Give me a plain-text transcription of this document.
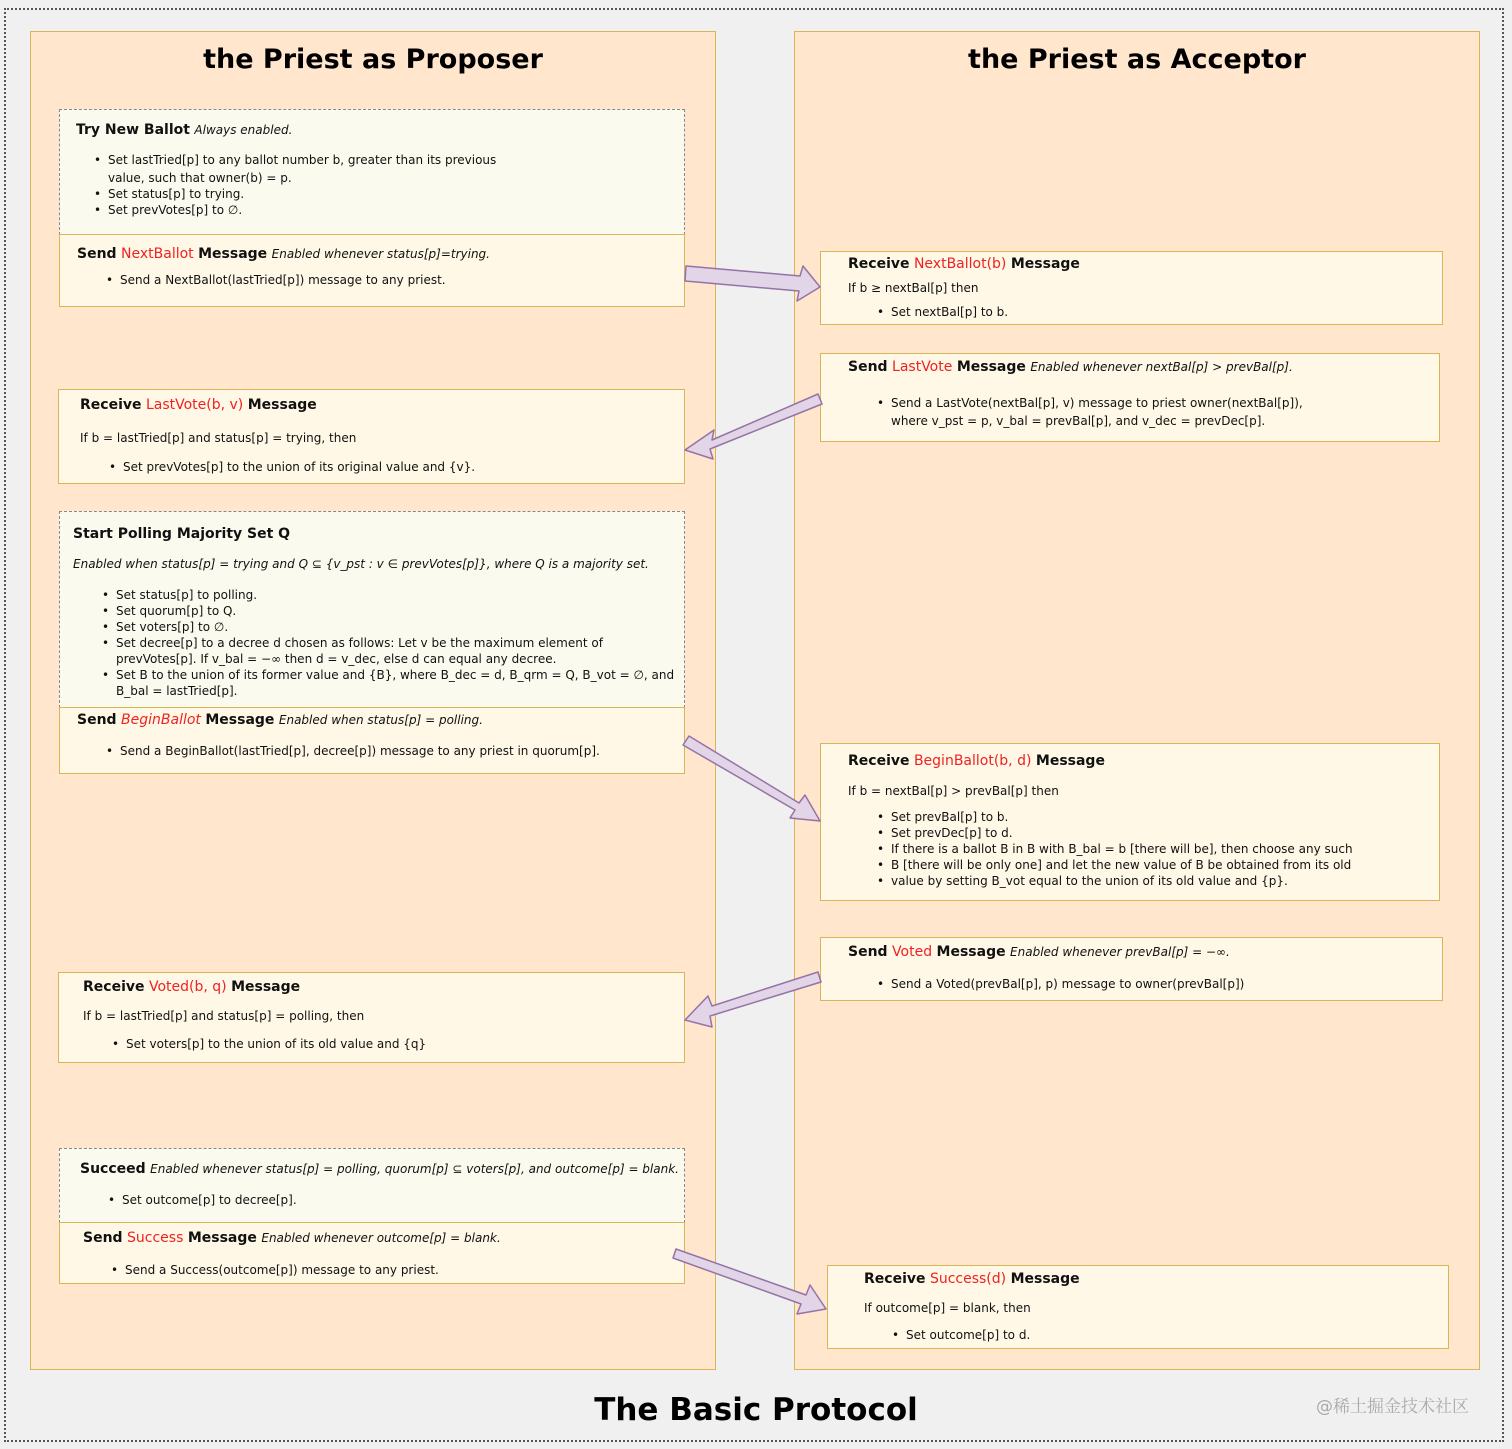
the Priest as Proposer	the Priest as Acceptor
Try New Ballot Always enabled.
• Set lastTried[p] to any ballot number b, greater than its previous
value, such that owner(b) = p.
• Set status[p] to trying.
• Set prevVotes[p] to ∅.
Send NextBallot Message Enabled whenever status[p]=trying.
• Send a NextBallot(lastTried[p]) message to any priest.
Receive LastVote(b, v) Message
If b = lastTried[p] and status[p] = trying, then
• Set prevVotes[p] to the union of its original value and {v}.
Start Polling Majority Set Q
Enabled when status[p] = trying and Q ⊆ {v_pst : v ∈ prevVotes[p]}, where Q is a majority set.
• Set status[p] to polling.
• Set quorum[p] to Q.
• Set voters[p] to ∅.
• Set decree[p] to a decree d chosen as follows: Let v be the maximum element of
prevVotes[p]. If v_bal = −∞ then d = v_dec, else d can equal any decree.
• Set B to the union of its former value and {B}, where B_dec = d, B_qrm = Q, B_vot = ∅, and
B_bal = lastTried[p].
Send BeginBallot Message Enabled when status[p] = polling.
• Send a BeginBallot(lastTried[p], decree[p]) message to any priest in quorum[p].
Receive Voted(b, q) Message
If b = lastTried[p] and status[p] = polling, then
• Set voters[p] to the union of its old value and {q}
Succeed Enabled whenever status[p] = polling, quorum[p] ⊆ voters[p], and outcome[p] = blank.
• Set outcome[p] to decree[p].
Send Success Message Enabled whenever outcome[p] = blank.
• Send a Success(outcome[p]) message to any priest.
Receive NextBallot(b) Message
If b ≥ nextBal[p] then
• Set nextBal[p] to b.
Send LastVote Message Enabled whenever nextBal[p] > prevBal[p].
• Send a LastVote(nextBal[p], v) message to priest owner(nextBal[p]),
where v_pst = p, v_bal = prevBal[p], and v_dec = prevDec[p].
Receive BeginBallot(b, d) Message
If b = nextBal[p] > prevBal[p] then
• Set prevBal[p] to b.
• Set prevDec[p] to d.
• If there is a ballot B in B with B_bal = b [there will be], then choose any such
• B [there will be only one] and let the new value of B be obtained from its old
• value by setting B_vot equal to the union of its old value and {p}.
Send Voted Message Enabled whenever prevBal[p] = −∞.
• Send a Voted(prevBal[p], p) message to owner(prevBal[p])
Receive Success(d) Message
If outcome[p] = blank, then
• Set outcome[p] to d.
The Basic Protocol	@稀土掘金技术社区
